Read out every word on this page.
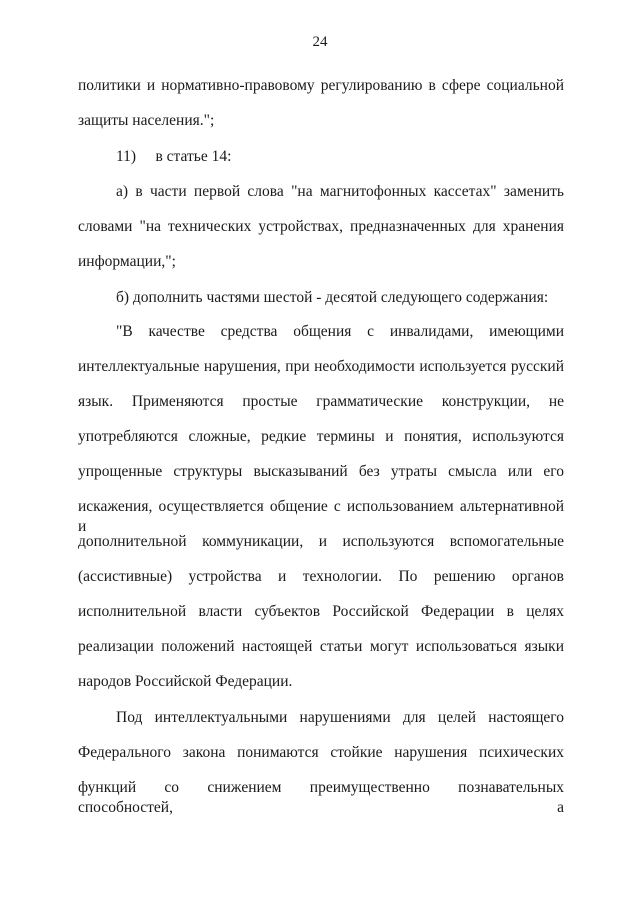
24
политики и нормативно-правовому регулированию в сфере социальной
защиты населения.";
11)     в статье 14:
а) в части первой слова "на магнитофонных кассетах" заменить
словами "на технических устройствах, предназначенных для хранения
информации,";
б) дополнить частями шестой - десятой следующего содержания:
"В качестве средства общения с инвалидами, имеющими
интеллектуальные нарушения, при необходимости используется русский
язык. Применяются простые грамматические конструкции, не
употребляются сложные, редкие термины и понятия, используются
упрощенные структуры высказываний без утраты смысла или его
искажения, осуществляется общение с использованием альтернативной и
дополнительной коммуникации, и используются вспомогательные
(ассистивные) устройства и технологии. По решению органов
исполнительной власти субъектов Российской Федерации в целях
реализации положений настоящей статьи могут использоваться языки
народов Российской Федерации.
Под интеллектуальными нарушениями для целей настоящего
Федерального закона понимаются стойкие нарушения психических
функций со снижением преимущественно познавательных способностей, а
